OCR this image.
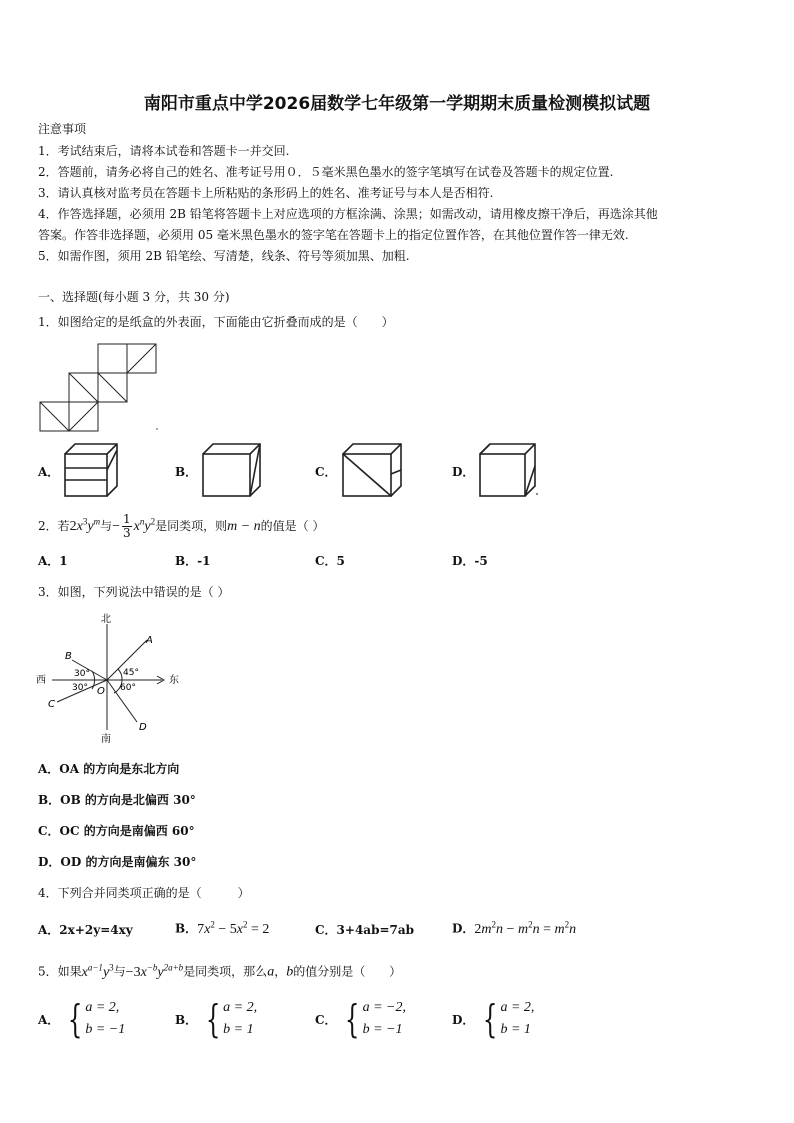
南阳市重点中学2026届数学七年级第一学期期末质量检测模拟试题
注意事项
1．考试结束后，请将本试卷和答题卡一并交回.
2．答题前，请务必将自己的姓名、准考证号用０．５毫米黑色墨水的签字笔填写在试卷及答题卡的规定位置.
3．请认真核对监考员在答题卡上所粘贴的条形码上的姓名、准考证号与本人是否相符.
4．作答选择题，必须用 2B 铅笔将答题卡上对应选项的方框涂满、涂黑；如需改动，请用橡皮擦干净后，再选涂其他
答案。作答非选择题，必须用 05 毫米黑色墨水的签字笔在答题卡上的指定位置作答，在其他位置作答一律无效.
5．如需作图，须用 2B 铅笔绘、写清楚，线条、符号等须加黑、加粗.
一、选择题(每小题 3 分，共 30 分)
1．如图给定的是纸盒的外表面，下面能由它折叠而成的是（　　）
A．	B．	C．	D．
2．若$2x^3y^m$与− $\frac{1}{3} x^ny^2$是同类项，则m − n的值是（ ）
A．1	B．-1	C．5	D．-5
3．如图，下列说法中错误的是（ ）
北
南
西	东
30°
30°
45°
60°
A
B
C
D
O
A．OA 的方向是东北方向
B．OB 的方向是北偏西 30°
C．OC 的方向是南偏西 60°
D．OD 的方向是南偏东 30°
4．下列合并同类项正确的是（　　　）
A．2x+2y=4xy	B．$7x^2 - 5x^2 = 2$	C．3+4ab=7ab	D．$2m^2n - m^2n = m^2n$
5．如果$x^{a-1}y^3$与$-3x^{-b}y^{2a+b}$是同类项，那么a，b的值分别是（　　）
A． { a = 2,
b = −1
B． { a = 2,
b = 1
C． { a = −2,
b = −1
D． { a = 2,
b = 1
